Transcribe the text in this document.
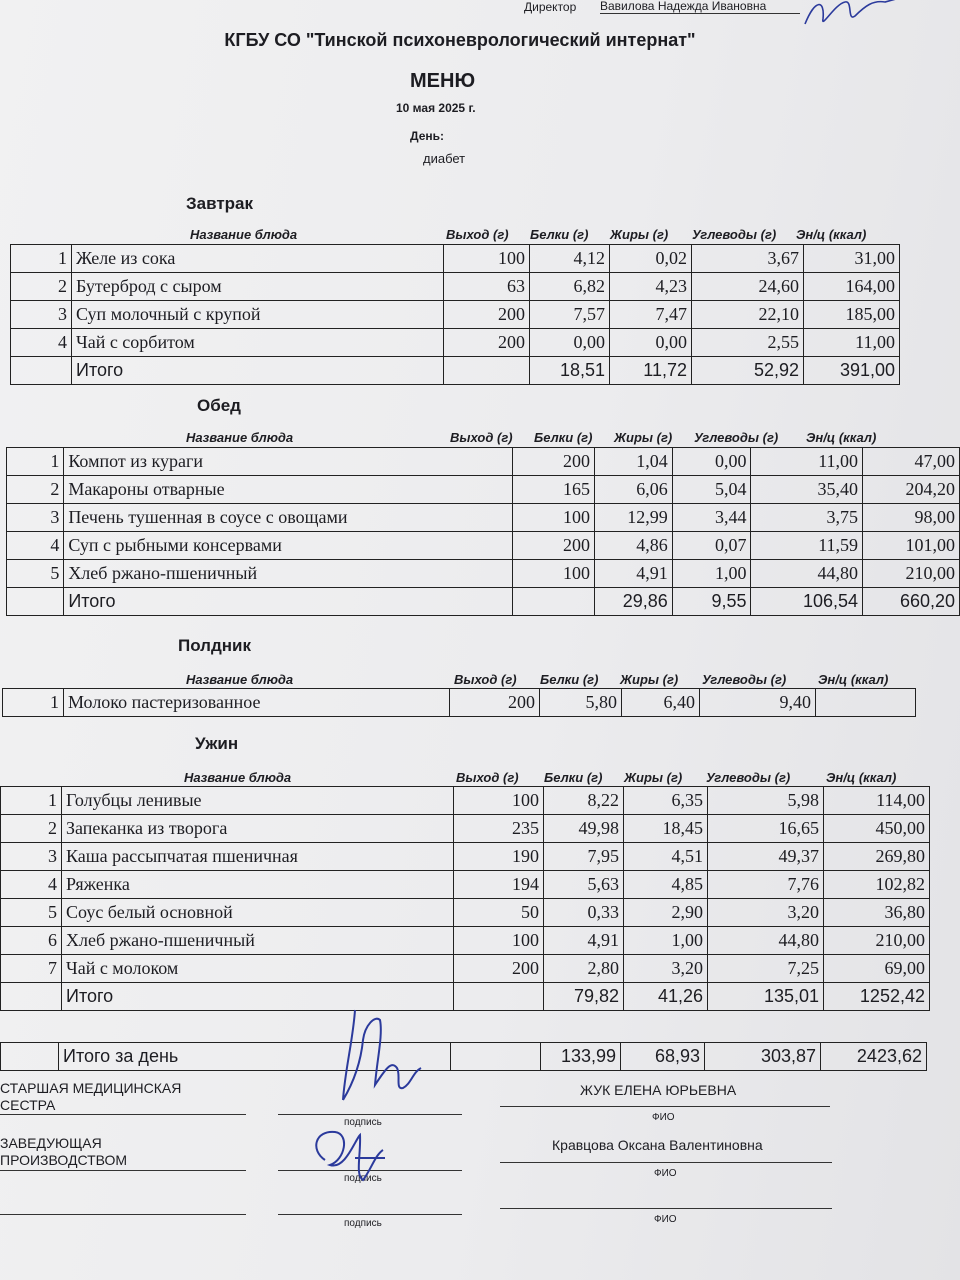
Директор Вавилова Надежда Ивановна
КГБУ СО "Тинской психоневрологический интернат"
МЕНЮ
10 мая 2025 г.
День:
диабет
Завтрак
Название блюда	Выход (г) Белки (г) Жиры (г) Углеводы (г) Эн/ц (ккал)
1	Желе из сока	100	4,12	0,02	3,67	31,00
2	Бутерброд с сыром	63	6,82	4,23	24,60	164,00
3	Суп молочный с крупой	200	7,57	7,47	22,10	185,00
4	Чай с сорбитом	200	0,00	0,00	2,55	11,00
	Итого		18,51	11,72	52,92	391,00
Обед
Название блюда	Выход (г) Белки (г) Жиры (г) Углеводы (г) Эн/ц (ккал)
1	Компот из кураги	200	1,04	0,00	11,00	47,00
2	Макароны отварные	165	6,06	5,04	35,40	204,20
3	Печень тушенная в соусе с овощами	100	12,99	3,44	3,75	98,00
4	Суп с рыбными консервами	200	4,86	0,07	11,59	101,00
5	Хлеб ржано-пшеничный	100	4,91	1,00	44,80	210,00
	Итого		29,86	9,55	106,54	660,20
Полдник
Название блюда	Выход (г) Белки (г) Жиры (г) Углеводы (г) Эн/ц (ккал)
1	Молоко пастеризованное	200	5,80	6,40	9,40	
Ужин
Название блюда	Выход (г) Белки (г) Жиры (г) Углеводы (г)	Эн/ц (ккал)
1	Голубцы ленивые	100	8,22	6,35	5,98	114,00
2	Запеканка из творога	235	49,98	18,45	16,65	450,00
3	Каша рассыпчатая пшеничная	190	7,95	4,51	49,37	269,80
4	Ряженка	194	5,63	4,85	7,76	102,82
5	Соус белый основной	50	0,33	2,90	3,20	36,80
6	Хлеб ржано-пшеничный	100	4,91	1,00	44,80	210,00
7	Чай с молоком	200	2,80	3,20	7,25	69,00
	Итого		79,82	41,26	135,01	1252,42
	Итого за день		133,99	68,93	303,87	2423,62
СТАРШАЯ МЕДИЦИНСКАЯ
СЕСТРА
подпись
ЖУК ЕЛЕНА ЮРЬЕВНА
ФИО
ЗАВЕДУЮЩАЯ
ПРОИЗВОДСТВОМ
подпись
Кравцова Оксана Валентиновна
ФИО
подпись	ФИО
